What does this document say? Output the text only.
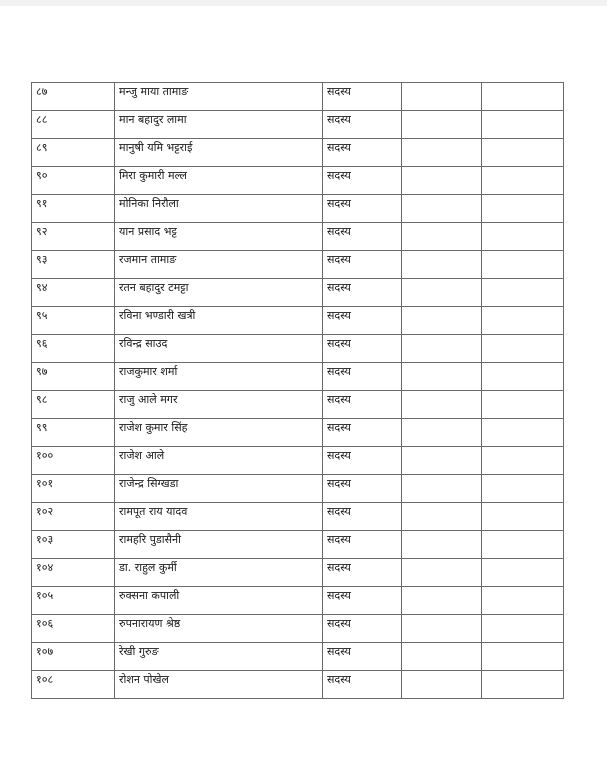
८७	मन्जु माया तामाङ	सदस्य		
८८	मान बहादुर लामा	सदस्य		
८९	मानुषी यमि भट्टराई	सदस्य		
९०	मिरा कुमारी मल्ल	सदस्य		
९१	मोनिका निरौला	सदस्य		
९२	यान प्रसाद भट्ट	सदस्य		
९३	रजमान तामाङ	सदस्य		
९४	रतन बहादुर टमट्टा	सदस्य		
९५	रविना भण्डारी खत्री	सदस्य		
९६	रविन्द्र साउद	सदस्य		
९७	राजकुमार शर्मा	सदस्य		
९८	राजु आले मगर	सदस्य		
९९	राजेश कुमार सिंह	सदस्य		
१००	राजेश आले	सदस्य		
१०१	राजेन्द्र सिग्खडा	सदस्य		
१०२	रामपूत राय यादव	सदस्य		
१०३	रामहरि पुडासैनी	सदस्य		
१०४	डा. राहुल कुर्मी	सदस्य		
१०५	रुक्सना कपाली	सदस्य		
१०६	रुपनारायण श्रेष्ठ	सदस्य		
१०७	रेखी गुरुङ	सदस्य		
१०८	रोशन पोखेल	सदस्य		
